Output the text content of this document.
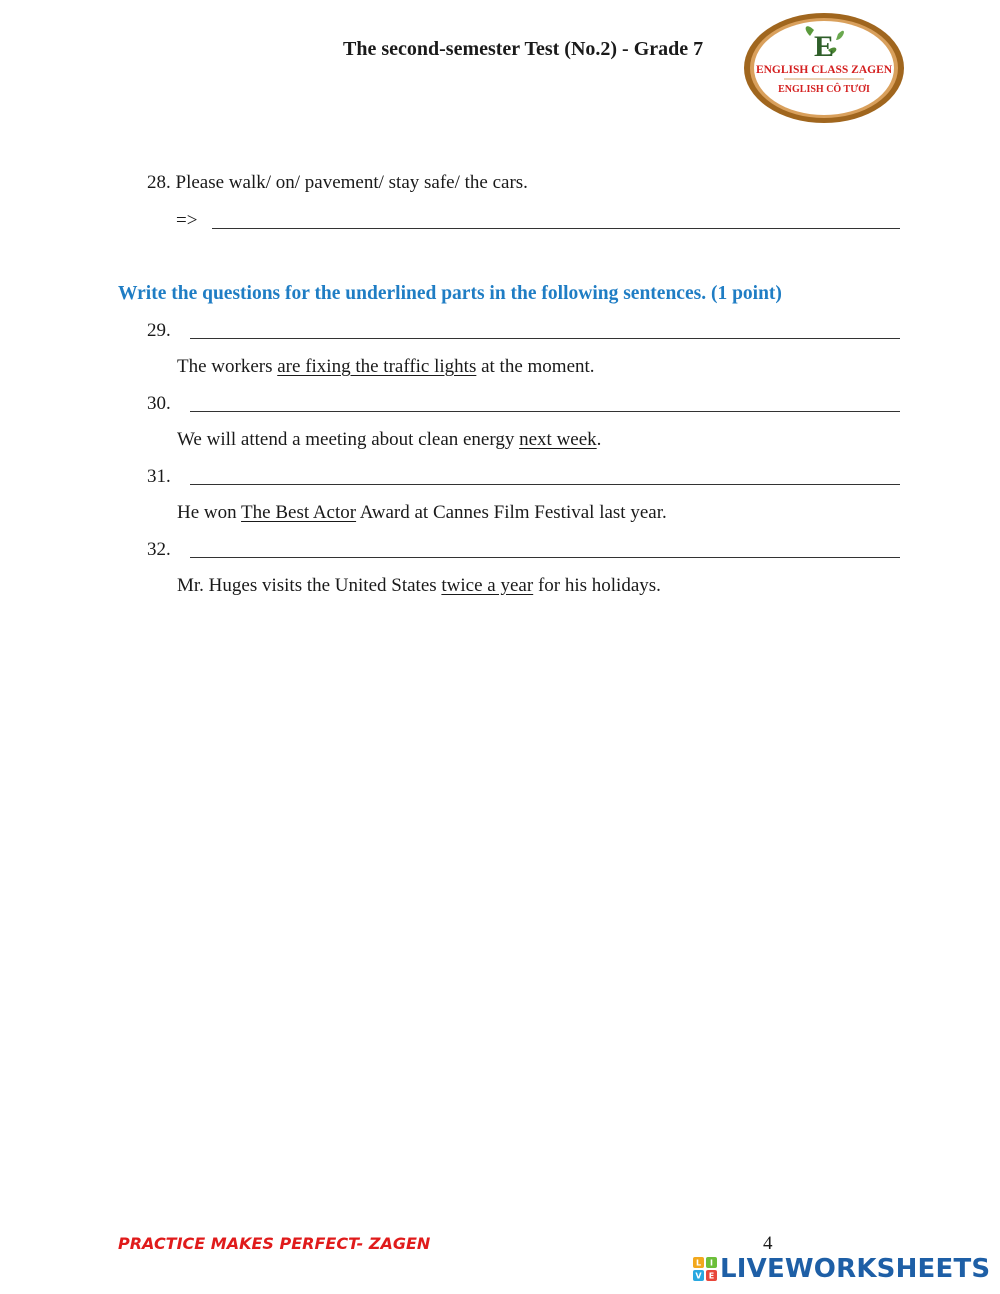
The second-semester Test (No.2) - Grade 7	E
ENGLISH CLASS ZAGEN
ENGLISH CÔ TƯƠI
28. Please walk/ on/ pavement/ stay safe/ the cars.
=>
Write the questions for the underlined parts in the following sentences. (1 point)
29.
The workers are fixing the traffic lights at the moment.
30.
We will attend a meeting about clean energy next week.
31.
He won The Best Actor Award at Cannes Film Festival last year.
32.
Mr. Huges visits the United States twice a year for his holidays.
PRACTICE MAKES PERFECT- ZAGEN	4
L I
V E LIVEWORKSHEETS
